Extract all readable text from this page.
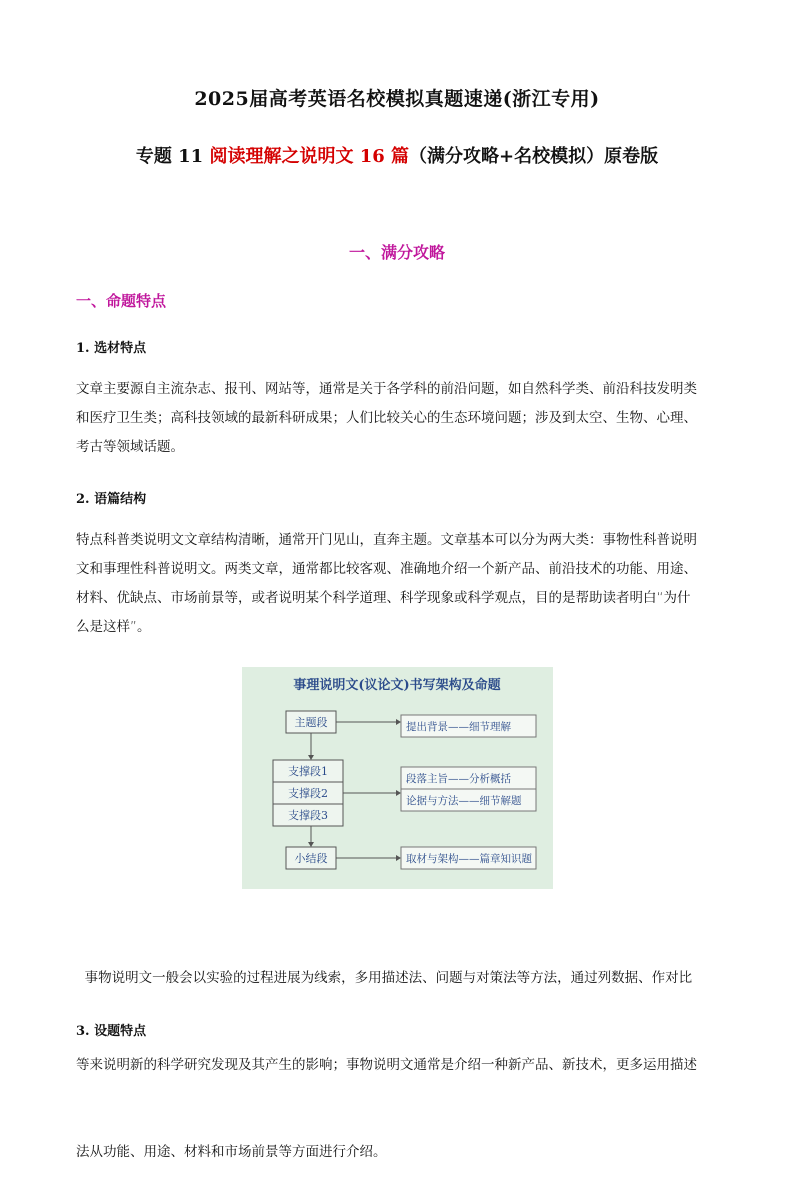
2025届高考英语名校模拟真题速递(浙江专用)
专题 11 阅读理解之说明文 16 篇（满分攻略+名校模拟）原卷版
一、满分攻略
一、命题特点
1. 选材特点
文章主要源自主流杂志、报刊、网站等，通常是关于各学科的前沿问题，如自然科学类、前沿科技发明类
和医疗卫生类；高科技领域的最新科研成果；人们比较关心的生态环境问题；涉及到太空、生物、心理、
考古等领域话题。
2. 语篇结构
特点科普类说明文文章结构清晰，通常开门见山，直奔主题。文章基本可以分为两大类：事物性科普说明
文和事理性科普说明文。两类文章，通常都比较客观、准确地介绍一个新产品、前沿技术的功能、用途、
材料、优缺点、市场前景等，或者说明某个科学道理、科学现象或科学观点，目的是帮助读者明白“为什
么是这样”。
事理说明文(议论文)书写架构及命题
主题段
支撑段1
支撑段2
支撑段3
小结段
提出背景——细节理解
段落主旨——分析概括
论据与方法——细节解题
取材与架构——篇章知识题

事物说明文一般会以实验的过程进展为线索，多用描述法、问题与对策法等方法，通过列数据、作对比

等来说明新的科学研究发现及其产生的影响；事物说明文通常是介绍一种新产品、新技术，更多运用描述

法从功能、用途、材料和市场前景等方面进行介绍。

3. 设题特点
